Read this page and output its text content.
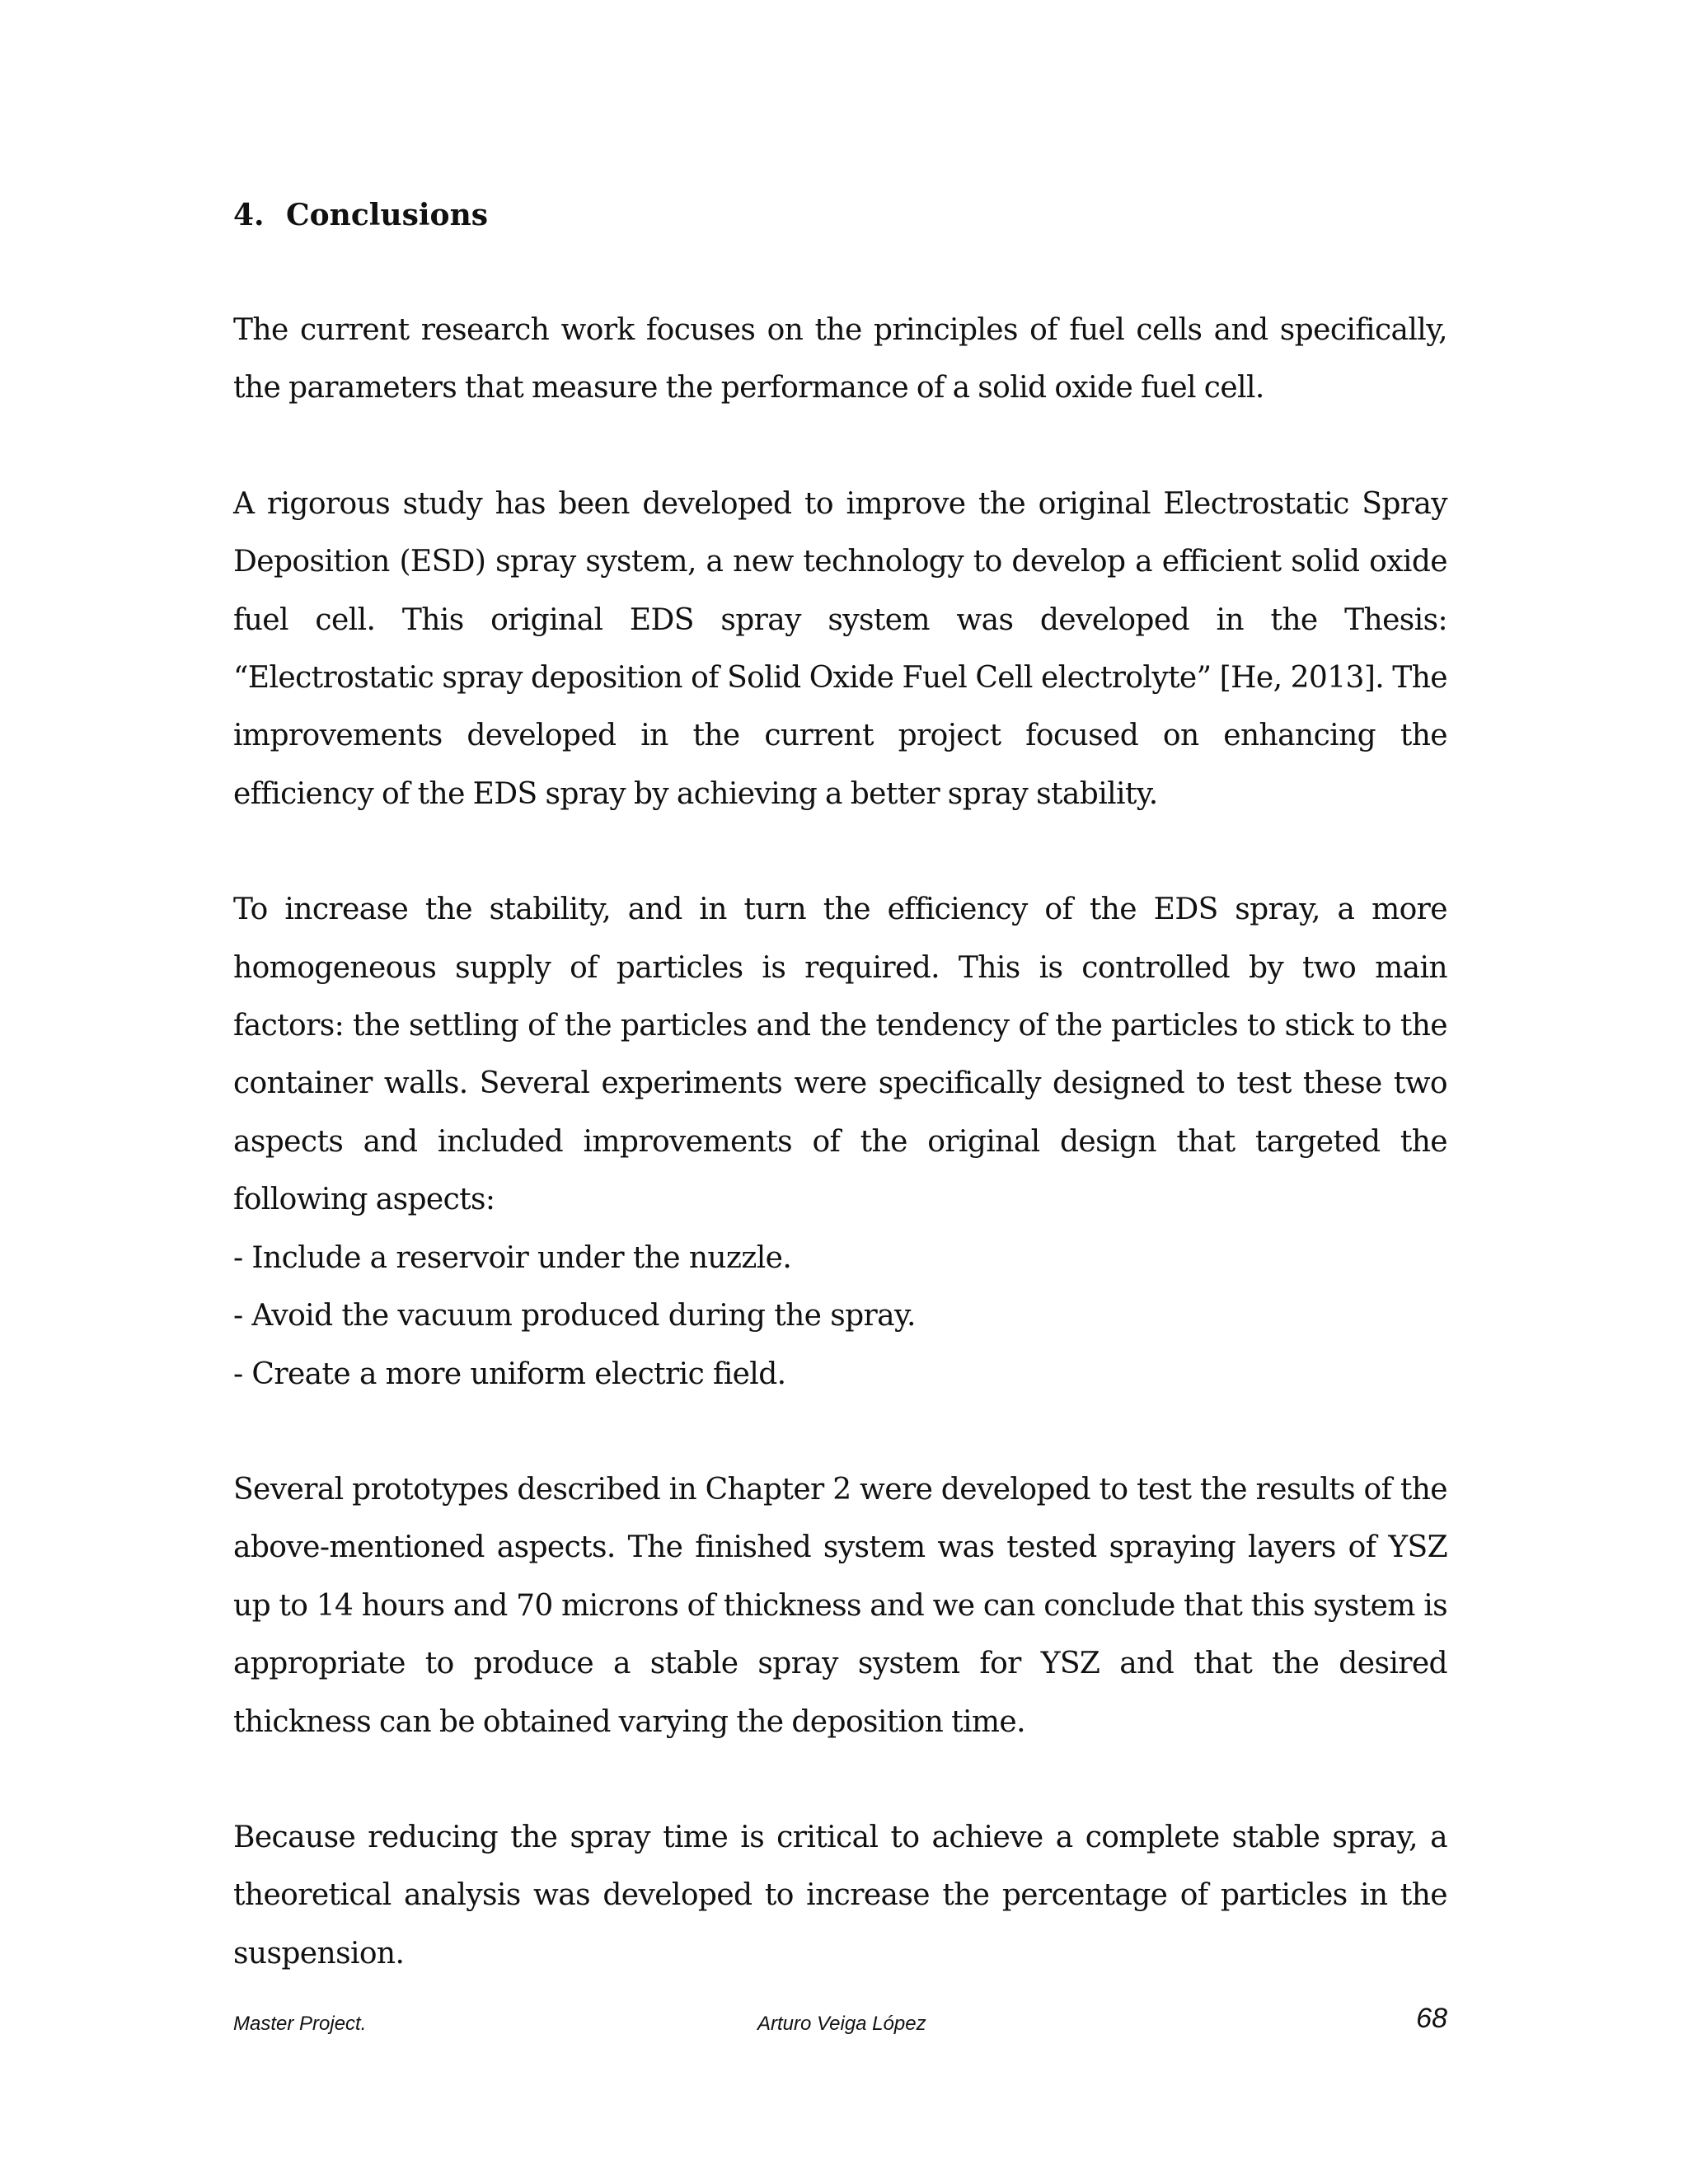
4. Conclusions

The current research work focuses on the principles of fuel cells and specifically, the parameters that measure the performance of a solid oxide fuel cell.

A rigorous study has been developed to improve the original Electrostatic Spray Deposition (ESD) spray system, a new technology to develop a efficient solid oxide fuel cell. This original EDS spray system was developed in the Thesis: “Electrostatic spray deposition of Solid Oxide Fuel Cell electrolyte” [He, 2013]. The improvements developed in the current project focused on enhancing the efficiency of the EDS spray by achieving a better spray stability.

To increase the stability, and in turn the efficiency of the EDS spray, a more homogeneous supply of particles is required. This is controlled by two main factors: the settling of the particles and the tendency of the particles to stick to the container walls. Several experiments were specifically designed to test these two aspects and included improvements of the original design that targeted the following aspects:

- Include a reservoir under the nuzzle.
- Avoid the vacuum produced during the spray.
- Create a more uniform electric field.

Several prototypes described in Chapter 2 were developed to test the results of the above-mentioned aspects. The finished system was tested spraying layers of YSZ up to 14 hours and 70 microns of thickness and we can conclude that this system is appropriate to produce a stable spray system for YSZ and that the desired thickness can be obtained varying the deposition time.

Because reducing the spray time is critical to achieve a complete stable spray, a theoretical analysis was developed to increase the percentage of particles in the suspension.

Master Project.	Arturo Veiga López	68
